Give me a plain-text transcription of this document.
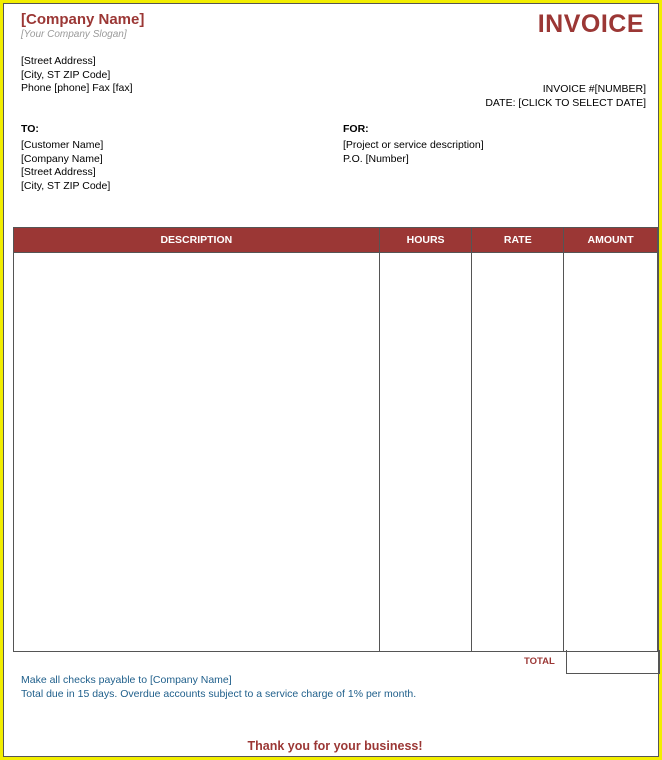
[Company Name]
[Your Company Slogan]	INVOICE
[Street Address]
[City, ST ZIP Code]
Phone [phone] Fax [fax]	INVOICE #[NUMBER]
DATE: [CLICK TO SELECT DATE]
TO:
[Customer Name]
[Company Name]
[Street Address]
[City, ST ZIP Code]
FOR:
[Project or service description]
P.O. [Number]
DESCRIPTION	HOURS	RATE	AMOUNT

TOTAL
Make all checks payable to [Company Name]
Total due in 15 days. Overdue accounts subject to a service charge of 1% per month.
Thank you for your business!
